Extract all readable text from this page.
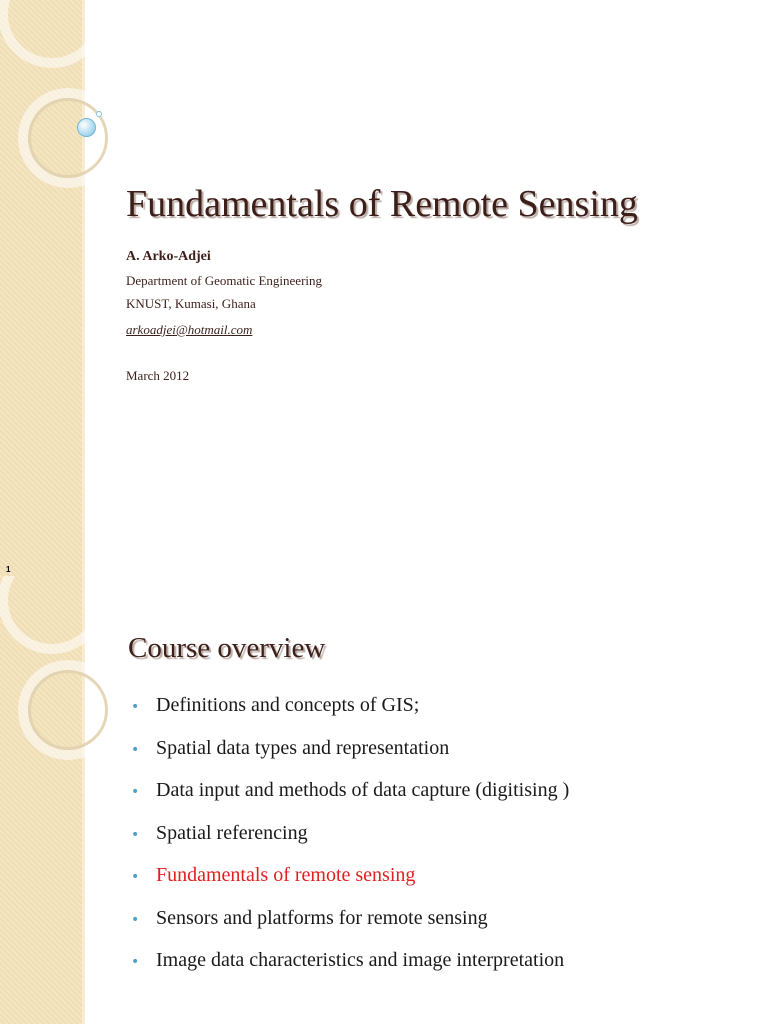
Fundamentals of Remote Sensing
A. Arko-Adjei
Department of Geomatic Engineering
KNUST, Kumasi, Ghana
arkoadjei@hotmail.com
March 2012
1
Course overview
• Definitions and concepts of GIS;
• Spatial data types and representation
• Data input and methods of data capture (digitising )
• Spatial referencing
• Fundamentals of remote sensing
• Sensors and platforms for remote sensing
• Image data characteristics and image interpretation
